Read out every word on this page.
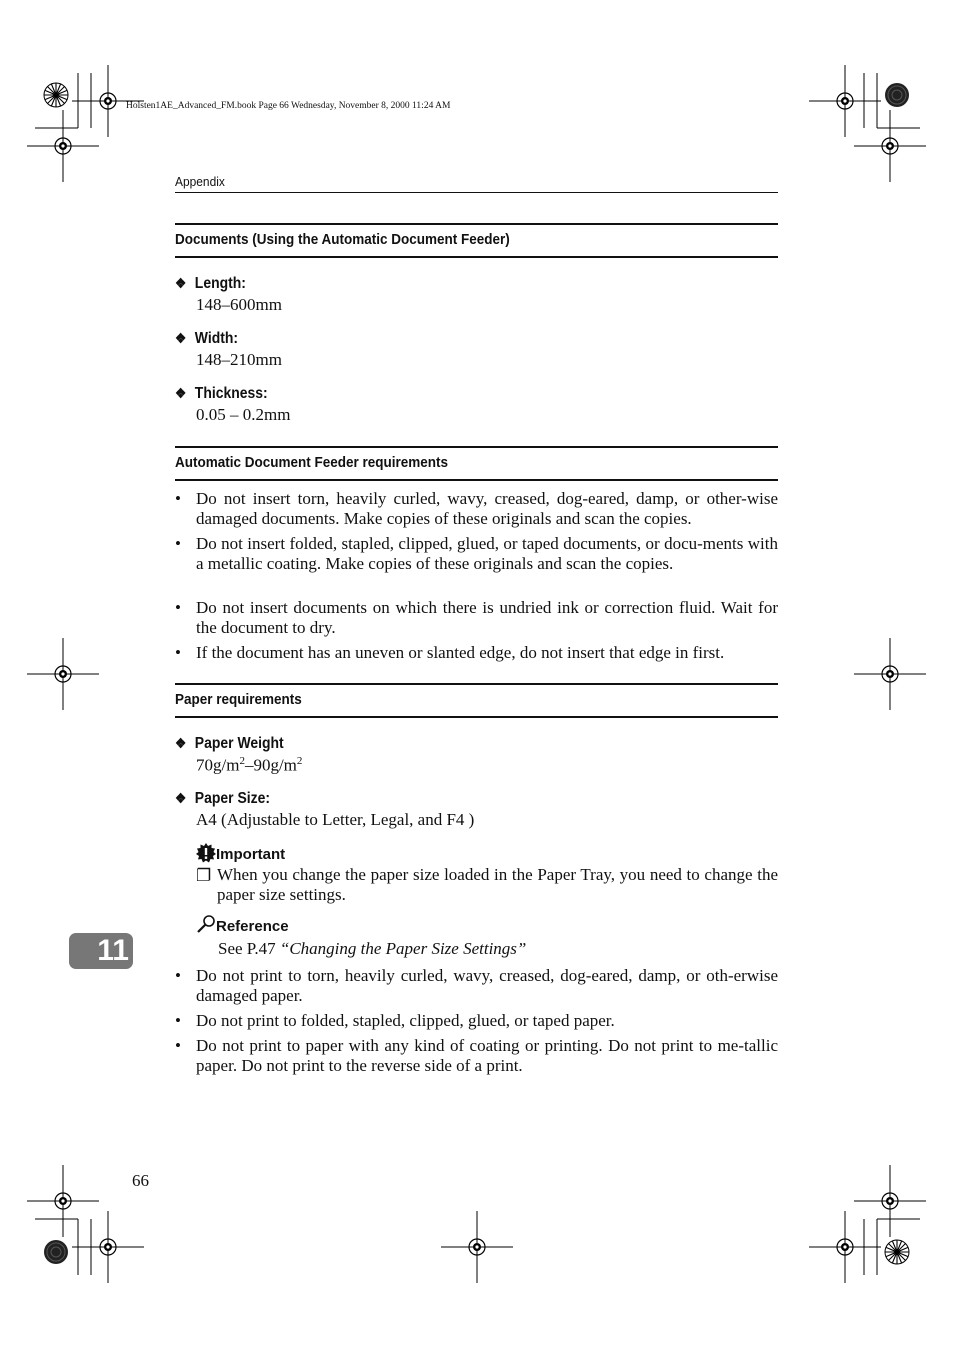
Holsten1AE_Advanced_FM.book Page 66 Wednesday, November 8, 2000 11:24 AM
Appendix
Documents (Using the Automatic Document Feeder)
❖ Length:
148–600mm
❖ Width:
148–210mm
❖ Thickness:
0.05 – 0.2mm
Automatic Document Feeder requirements
• Do not insert torn, heavily curled, wavy, creased, dog-eared, damp, or other-wise damaged documents. Make copies of these originals and scan the copies.
• Do not insert folded, stapled, clipped, glued, or taped documents, or docu-ments with a metallic coating. Make copies of these originals and scan the copies.
• Do not insert documents on which there is undried ink or correction fluid. Wait for the document to dry.
• If the document has an uneven or slanted edge, do not insert that edge in first.
Paper requirements
❖ Paper Weight
$70g/m^2-90g/m^2$
❖ Paper Size:
A4 (Adjustable to Letter, Legal, and F4 )
Important
❐ When you change the paper size loaded in the Paper Tray, you need to change the paper size settings.
Reference
See P.47 “Changing the Paper Size Settings”
• Do not print to torn, heavily curled, wavy, creased, dog-eared, damp, or oth-erwise damaged paper.
• Do not print to folded, stapled, clipped, glued, or taped paper.
• Do not print to paper with any kind of coating or printing. Do not print to me-tallic paper. Do not print to the reverse side of a print.
11
66
